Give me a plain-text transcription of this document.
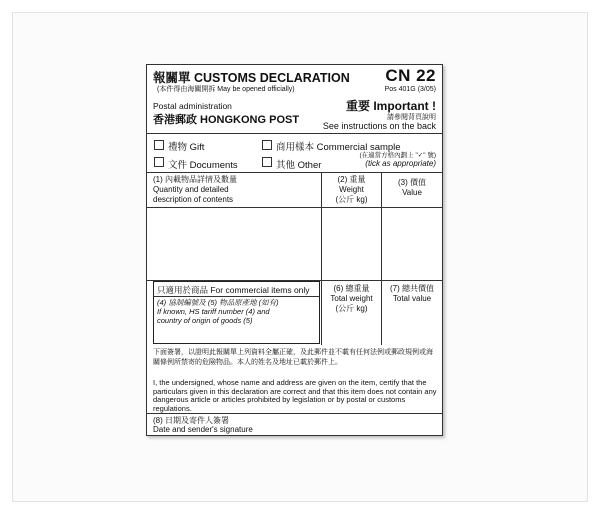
報關單 CUSTOMS DECLARATION
(本件得由海關開拆 May be opened officially)
CN 22
Pos 401G (3/05)
Postal administration
香港郵政 HONGKONG POST
重要 Important !
請參閱背頁說明
See instructions on the back
禮物 Gift	商用樣本 Commercial sample
文件 Documents	其他 Other
(在適當方格內劃上 "✓" 號)
(tick as appropriate)
(1) 內載物品詳情及數量
Quantity and detailed
description of contents
(2) 重量
Weight
(公斤 kg)
(3) 價值
Value
只適用於商品 For commercial items only
(4) 協制編號及 (5) 物品原產地 (如有)
If known, HS tariff number (4) and
country of origin of goods (5)
(6) 總重量
Total weight
(公斤 kg)
(7) 總共價值
Total value
下面簽署，以證明此報關單上列資料全屬正確，及此郵件並不載有任何法例或郵政規例或海關條例所禁寄的危險物品。本人的姓名及地址已載於郵件上。
I, the undersigned, whose name and address are given on the item, certify that the particulars given in this declaration are correct and that this item does not contain any dangerous article or articles prohibited by legislation or by postal or customs regulations.
(8) 日期及寄件人簽署
Date and sender's signature
